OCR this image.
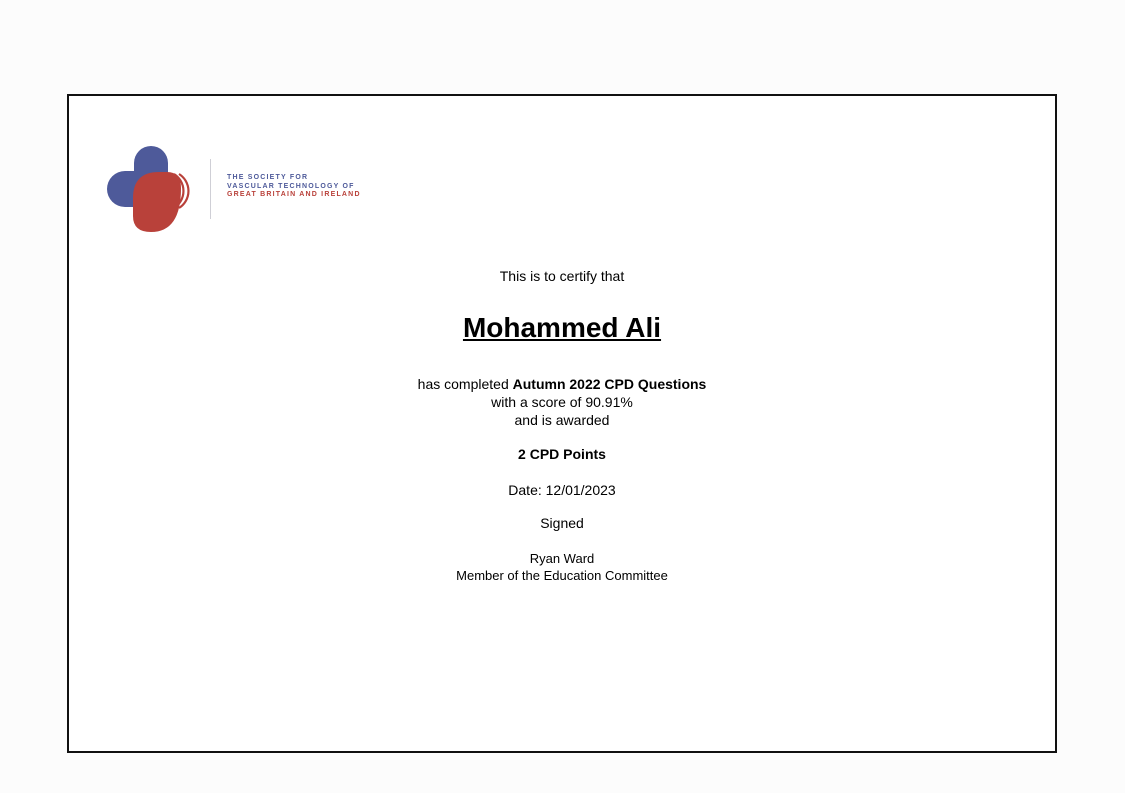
THE SOCIETY FOR
VASCULAR TECHNOLOGY OF
GREAT BRITAIN AND IRELAND
This is to certify that
Mohammed Ali
has completed Autumn 2022 CPD Questions
with a score of 90.91%
and is awarded
2 CPD Points
Date: 12/01/2023
Signed
Ryan Ward
Member of the Education Committee
